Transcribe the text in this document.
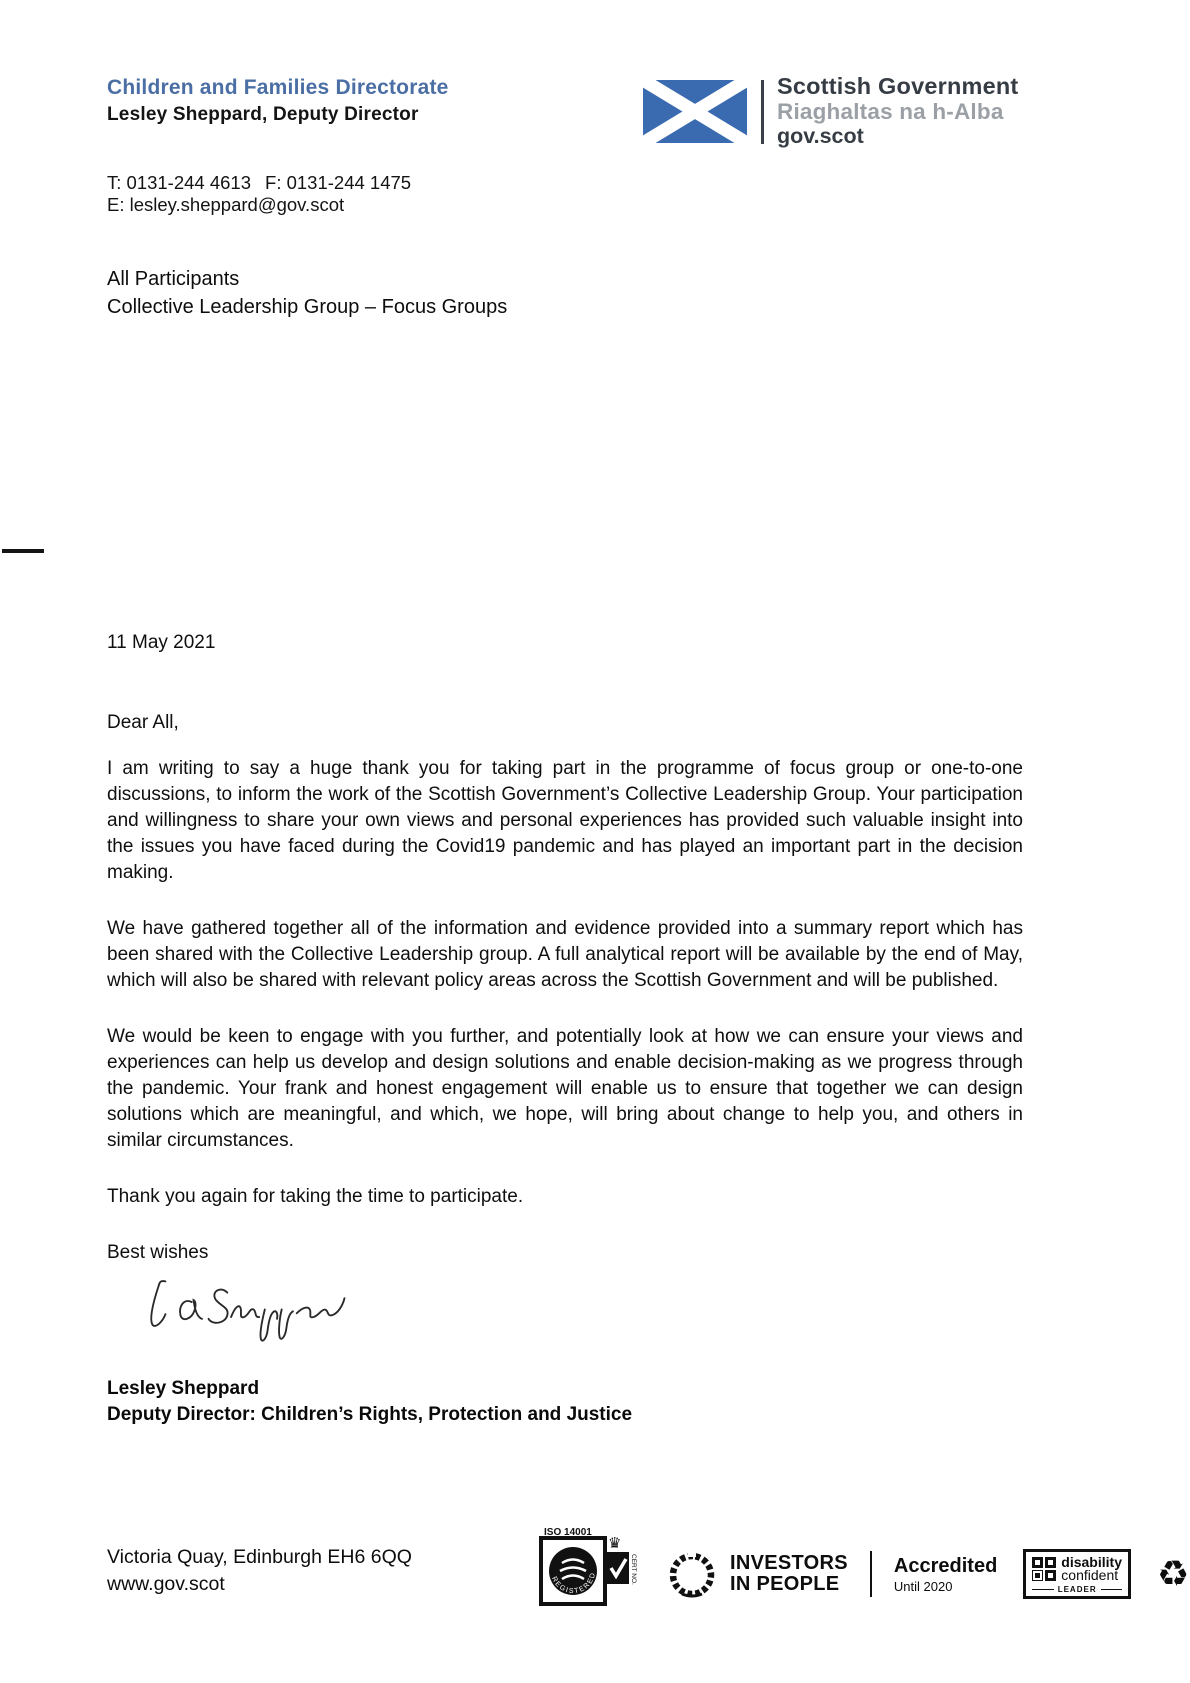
Children and Families Directorate
Lesley Sheppard, Deputy Director
T: 0131-244 4613 F: 0131-244 1475
E: lesley.sheppard@gov.scot
Scottish Government
Riaghaltas na h-Alba
gov.scot
All Participants
Collective Leadership Group – Focus Groups
11 May 2021
Dear All,

I am writing to say a huge thank you for taking part in the programme of focus group or one-to-one discussions, to inform the work of the Scottish Government’s Collective Leadership Group. Your participation and willingness to share your own views and personal experiences has provided such valuable insight into the issues you have faced during the Covid19 pandemic and has played an important part in the decision making.

We have gathered together all of the information and evidence provided into a summary report which has been shared with the Collective Leadership group. A full analytical report will be available by the end of May, which will also be shared with relevant policy areas across the Scottish Government and will be published.

We would be keen to engage with you further, and potentially look at how we can ensure your views and experiences can help us develop and design solutions and enable decision-making as we progress through the pandemic. Your frank and honest engagement will enable us to ensure that together we can design solutions which are meaningful, and which, we hope, will bring about change to help you, and others in similar circumstances.

Thank you again for taking the time to participate.

Best wishes

Lesley Sheppard
Deputy Director: Children’s Rights, Protection and Justice
Victoria Quay, Edinburgh EH6 6QQ
www.gov.scot
ISO 14001
REGISTERED
♛
CERT NO.	INVESTORS
IN PEOPLE
Accredited
Until 2020
disability
confident
LEADER ♻
